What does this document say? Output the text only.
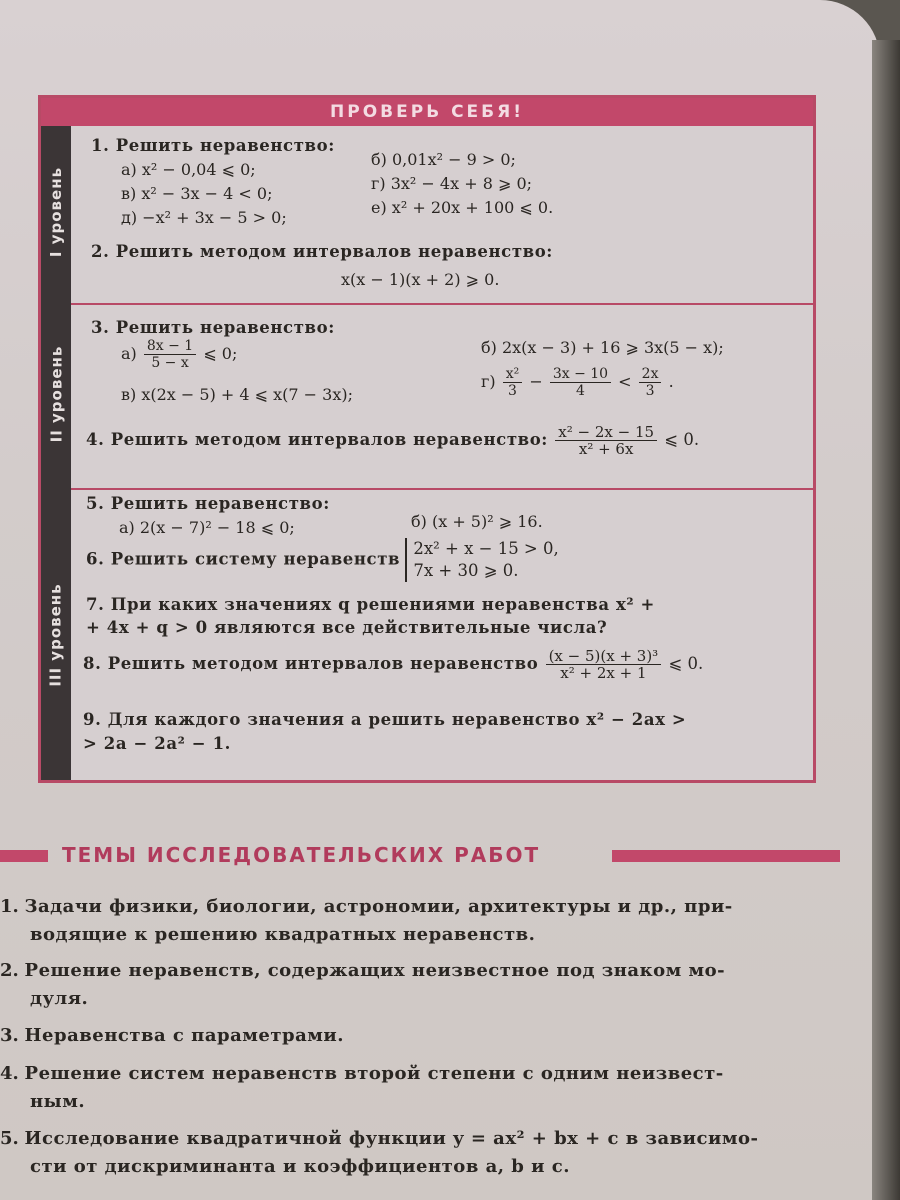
ПРОВЕРЬ СЕБЯ!
I уровень
II уровень
III уровень
1. Решить неравенство:
а) x² − 0,04 ⩽ 0;
б) 0,01x² − 9 > 0;
в) x² − 3x − 4 < 0;
г) 3x² − 4x + 8 ⩾ 0;
д) −x² + 3x − 5 > 0;
е) x² + 20x + 100 ⩽ 0.
2. Решить методом интервалов неравенство:
x(x − 1)(x + 2) ⩾ 0.
3. Решить неравенство:
$а) \frac{8x - 1}{5 - x}$ ⩽ 0;	б) 2x(x − 3) + 16 ⩾ 3x(5 − x);
в) x(2x − 5) + 4 ⩽ x(7 − 3x);
$г) \frac{\text{x²}}{3} - \frac{3x - 10}{4} < \frac{2x}{3}$ .
4. Решить методом интервалов неравенство: $\frac{\text{x² − 2x − 15}}{\text{x² + 6x}}$ ⩽ 0.
5. Решить неравенство:
а) 2(x − 7)² − 18 ⩽ 0;	б) (x + 5)² ⩾ 16.
6. Решить систему неравенств
2x² + x − 15 > 0,
7x + 30 ⩾ 0.
7. При каких значениях q решениями неравенства x² +
+ 4x + q > 0 являются все действительные числа?
8. Решить методом интервалов неравенство $\frac{\text{(x − 5)(x + 3)³}}{\text{x² + 2x + 1}}$ ⩽ 0.
9. Для каждого значения a решить неравенство x² − 2ax >
> 2a − 2a² − 1.
ТЕМЫ ИССЛЕДОВАТЕЛЬСКИХ РАБОТ
1. Задачи физики, биологии, астрономии, архитектуры и др., при-
водящие к решению квадратных неравенств.
2. Решение неравенств, содержащих неизвестное под знаком мо-
дуля.
3. Неравенства с параметрами.
4. Решение систем неравенств второй степени с одним неизвест-
ным.
5. Исследование квадратичной функции y = ax² + bx + c в зависимо-
сти от дискриминанта и коэффициентов a, b и c.
